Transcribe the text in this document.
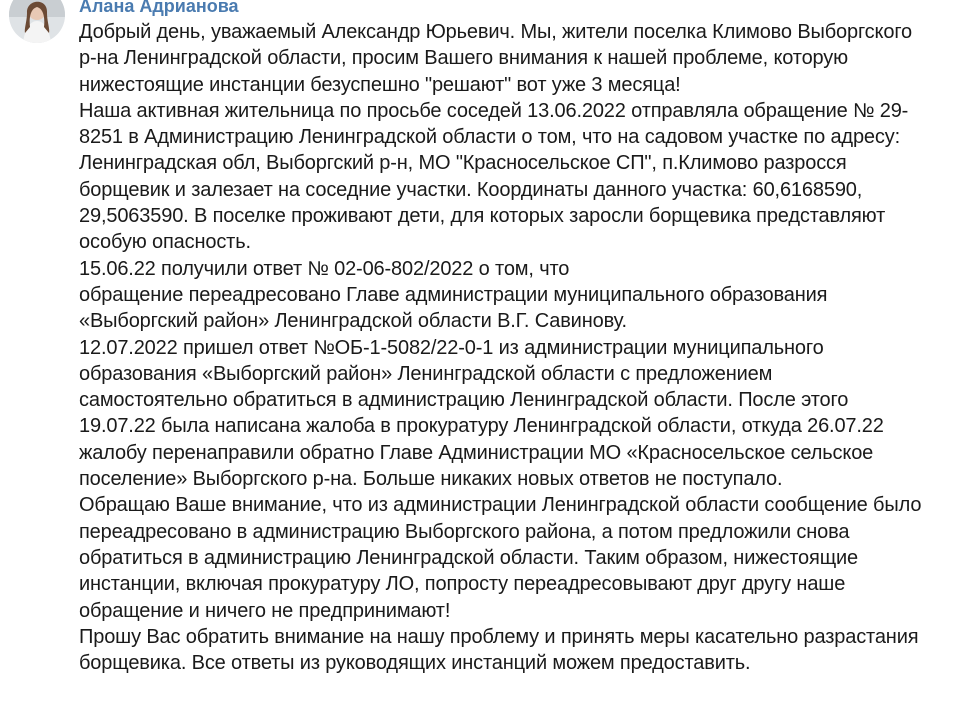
Алана Адрианова
Добрый день, уважаемый Александр Юрьевич. Мы, жители поселка Климово Выборгского
р-на Ленинградской области, просим Вашего внимания к нашей проблеме, которую
нижестоящие инстанции безуспешно "решают" вот уже 3 месяца!
Наша активная жительница по просьбе соседей 13.06.2022 отправляла обращение № 29-
8251 в Администрацию Ленинградской области о том, что на садовом участке по адресу:
Ленинградская обл, Выборгский р-н, МО "Красносельское СП", п.Климово разросся
борщевик и залезает на соседние участки. Координаты данного участка: 60,6168590,
29,5063590. В поселке проживают дети, для которых заросли борщевика представляют
особую опасность.
15.06.22 получили ответ № 02-06-802/2022 о том, что
обращение переадресовано Главе администрации муниципального образования
«Выборгский район» Ленинградской области В.Г. Савинову.
12.07.2022 пришел ответ №ОБ-1-5082/22-0-1 из администрации муниципального
образования «Выборгский район» Ленинградской области с предложением
самостоятельно обратиться в администрацию Ленинградской области. После этого
19.07.22 была написана жалоба в прокуратуру Ленинградской области, откуда 26.07.22
жалобу перенаправили обратно Главе Администрации МО «Красносельское сельское
поселение» Выборгского р-на. Больше никаких новых ответов не поступало.
Обращаю Ваше внимание, что из администрации Ленинградской области сообщение было
переадресовано в администрацию Выборгского района, а потом предложили снова
обратиться в администрацию Ленинградской области. Таким образом, нижестоящие
инстанции, включая прокуратуру ЛО, попросту переадресовывают друг другу наше
обращение и ничего не предпринимают!
Прошу Вас обратить внимание на нашу проблему и принять меры касательно разрастания
борщевика. Все ответы из руководящих инстанций можем предоставить.
